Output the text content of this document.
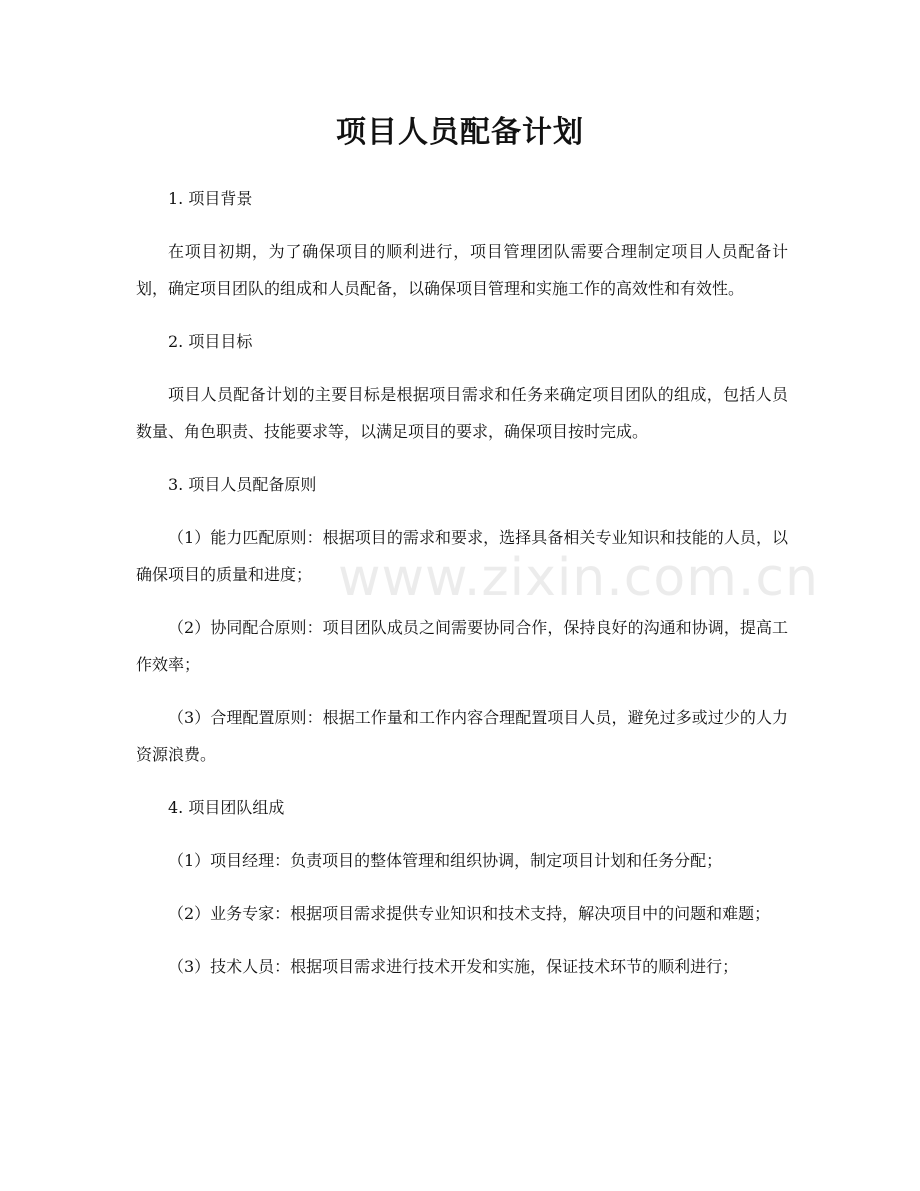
项目人员配备计划
www.zixin.com.cn

1. 项目背景

在项目初期，为了确保项目的顺利进行，项目管理团队需要合理制定项目人员配备计划，确定项目团队的组成和人员配备，以确保项目管理和实施工作的高效性和有效性。

2. 项目目标

项目人员配备计划的主要目标是根据项目需求和任务来确定项目团队的组成，包括人员数量、角色职责、技能要求等，以满足项目的要求，确保项目按时完成。

3. 项目人员配备原则

（1）能力匹配原则：根据项目的需求和要求，选择具备相关专业知识和技能的人员，以确保项目的质量和进度；

（2）协同配合原则：项目团队成员之间需要协同合作，保持良好的沟通和协调，提高工作效率；

（3）合理配置原则：根据工作量和工作内容合理配置项目人员，避免过多或过少的人力资源浪费。

4. 项目团队组成

（1）项目经理：负责项目的整体管理和组织协调，制定项目计划和任务分配；

（2）业务专家：根据项目需求提供专业知识和技术支持，解决项目中的问题和难题；

（3）技术人员：根据项目需求进行技术开发和实施，保证技术环节的顺利进行；
